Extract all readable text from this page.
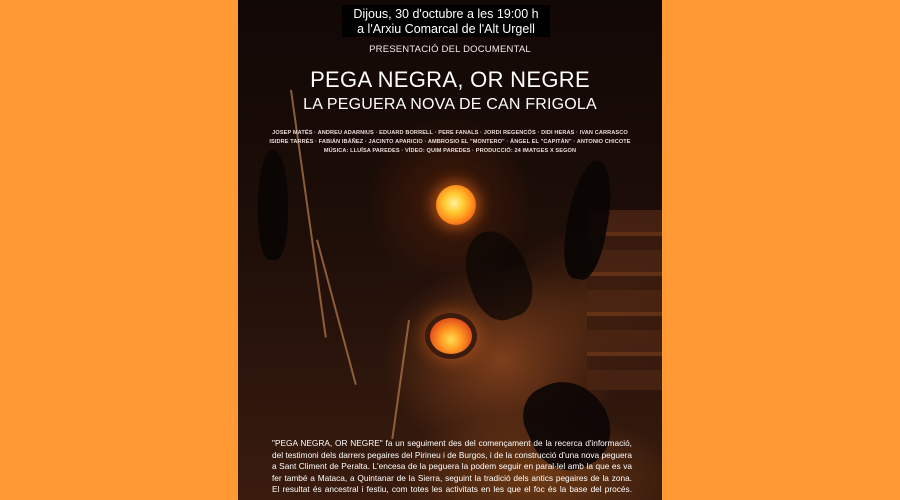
Dijous, 30 d'octubre a les 19:00 h
a l'Arxiu Comarcal de l'Alt Urgell
PRESENTACIÓ DEL DOCUMENTAL
PEGA NEGRA, OR NEGRE
LA PEGUERA NOVA DE CAN FRIGOLA
JOSEP MATÉS · ANDREU ADARNIUS · EDUARD BORRELL · PERE FANALS · JORDI REGENCÓS · DIDI HERAS · IVAN CARRASCO
ISIDRE TARRÉS · FABIÁN IBÁÑEZ · JACINTO APARICIO · AMBROSIO EL "MONTERO" · ÁNGEL EL "CAPITÁN" · ANTONIO CHICOTE
MÚSICA: LLUÏSA PAREDES · VÍDEO: QUIM PAREDES · PRODUCCIÓ: 24 IMATGES X SEGON

"PEGA NEGRA, OR NEGRE" fa un seguiment des del començament de la recerca d'informació,

del testimoni dels darrers pegaires del Pirineu i de Burgos, i de la construcció d'una nova peguera

a Sant Climent de Peralta. L'encesa de la peguera la podem seguir en paral·lel amb la que es va

fer també a Mataca, a Quintanar de la Sierra, seguint la tradició dels antics pegaires de la zona.

El resultat és ancestral i festiu, com totes les activitats en les que el foc és la base del procés.
